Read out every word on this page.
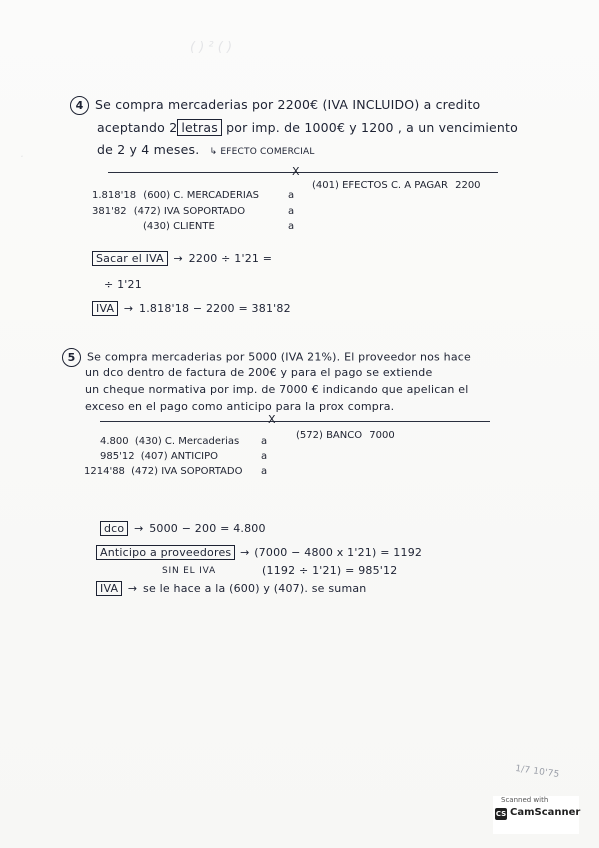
( ) ² ( )
·
4 Se compra mercaderias por 2200€ (IVA INCLUIDO) a credito
aceptando 2 letras por imp. de 1000€ y 1200 , a un vencimiento
de 2 y 4 meses. ↳ EFECTO COMERCIAL
X
(401) EFECTOS C. A PAGAR 2200
1.818'18 (600) C. MERCADERIAS	a
381'82 (472) IVA SOPORTADO	a
(430) CLIENTE	a
Sacar el IVA → 2200 ÷ 1'21 =
÷ 1'21
IVA → 1.818'18 − 2200 = 381'82
5 Se compra mercaderias por 5000 (IVA 21%). El proveedor nos hace
un dco dentro de factura de 200€ y para el pago se extiende
un cheque normativa por imp. de 7000 € indicando que apelican el
exceso en el pago como anticipo para la prox compra.
X
(572) BANCO 7000
4.800 (430) C. Mercaderias a
985'12 (407) ANTICIPO	a
1214'88 (472) IVA SOPORTADO a
dco → 5000 − 200 = 4.800
Anticipo a proveedores → (7000 − 4800 x 1'21) = 1192
SIN EL IVA	(1192 ÷ 1'21) = 985'12
IVA → se le hace a la (600) y (407). se suman
1/7 10'75
Scanned with
CS CamScanner
